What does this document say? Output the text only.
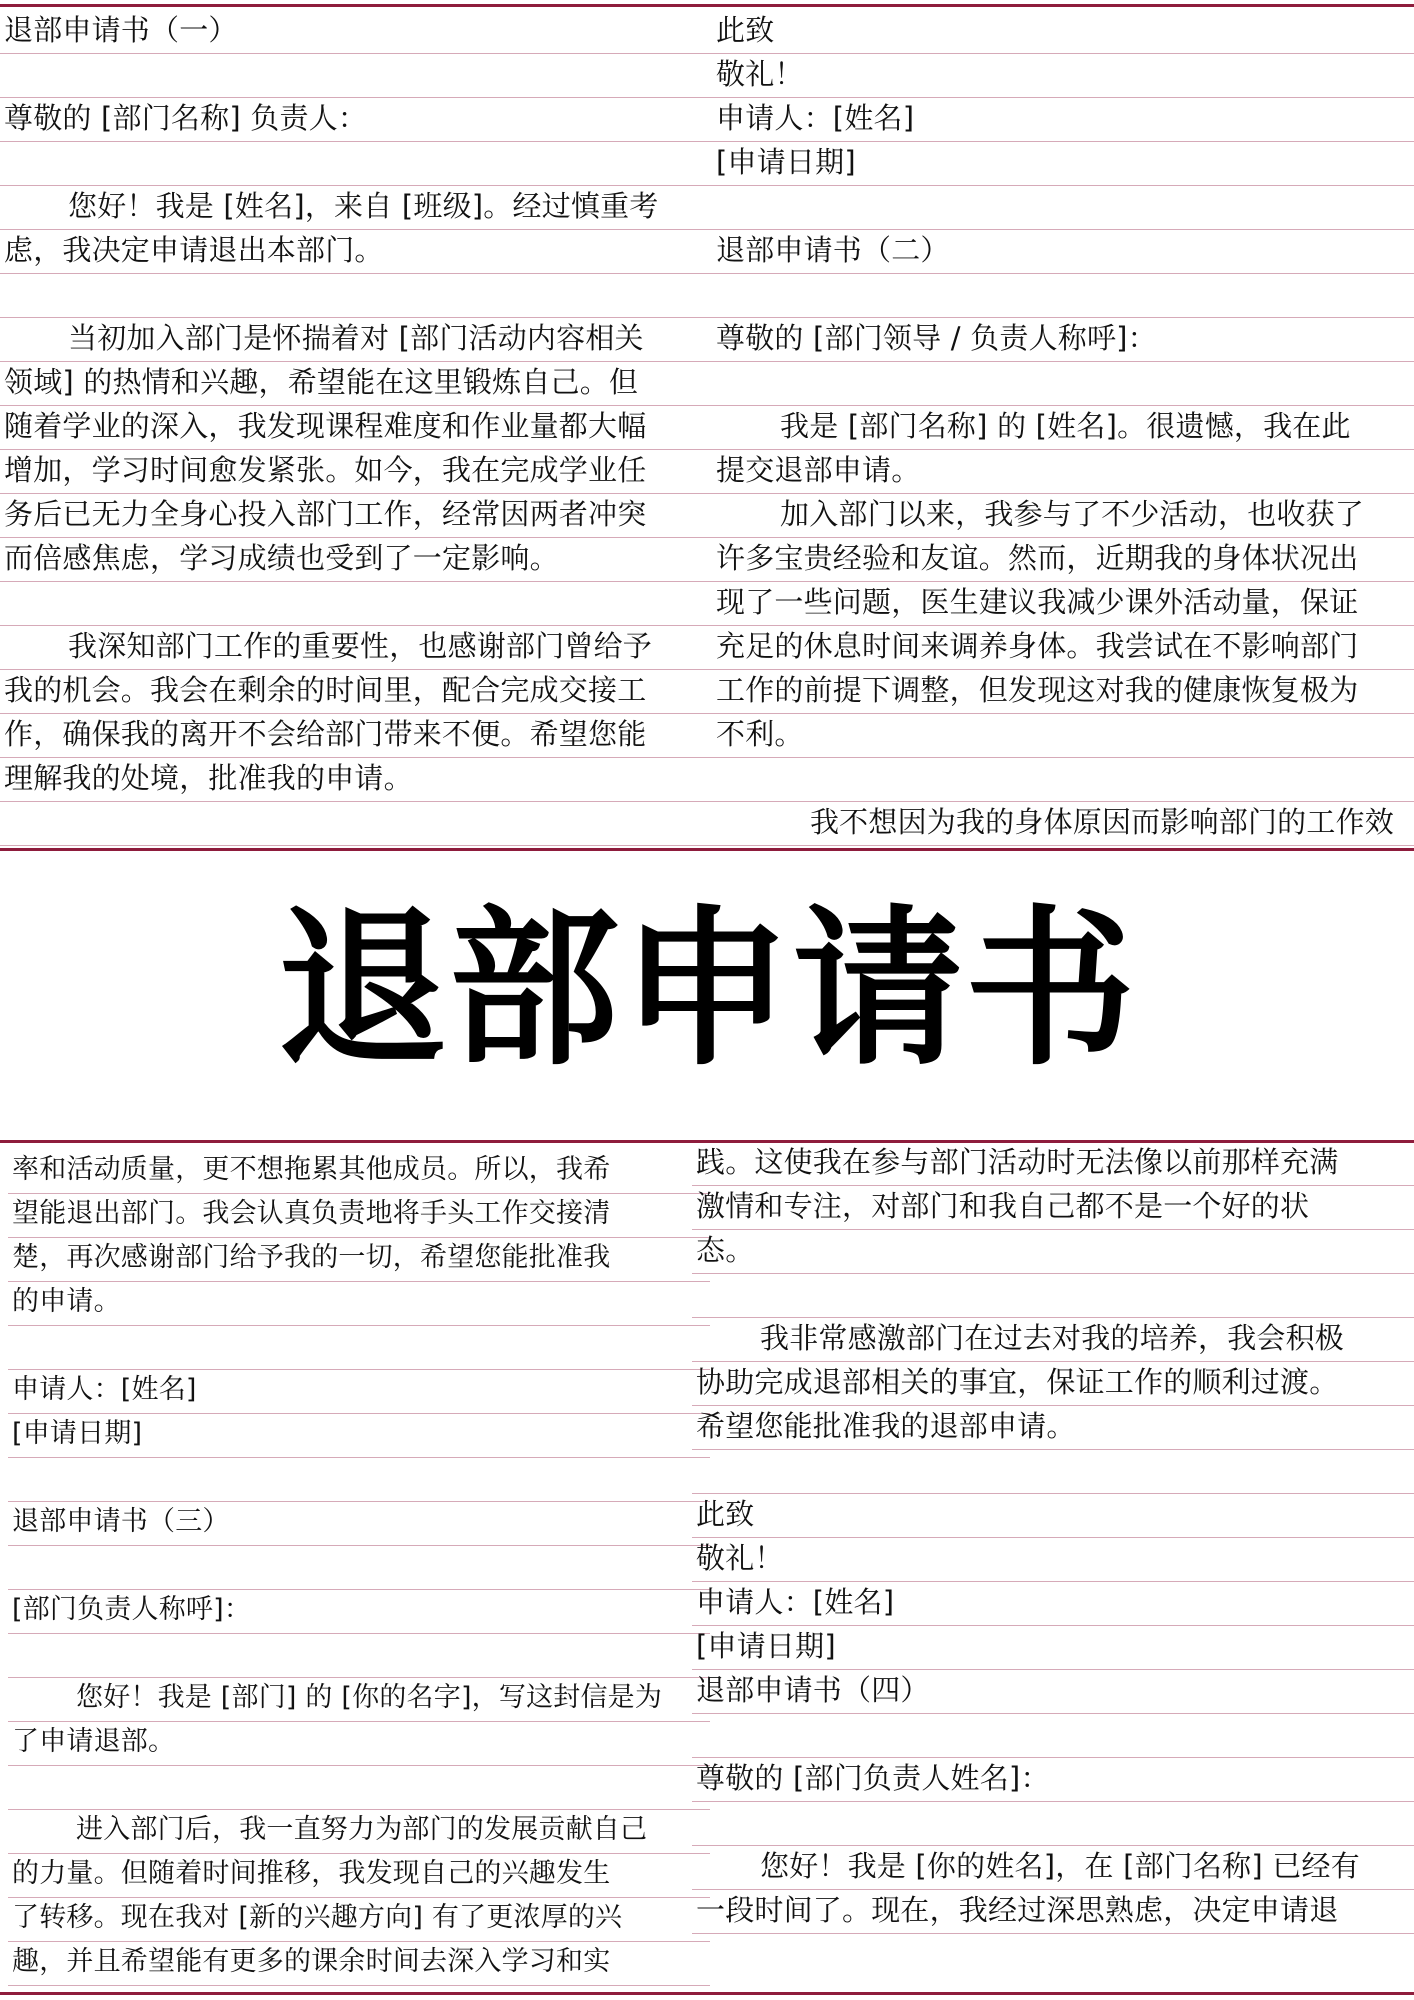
退部申请书（一）
尊敬的 [部门名称] 负责人：
您好！我是 [姓名]，来自 [班级]。经过慎重考
虑，我决定申请退出本部门。
当初加入部门是怀揣着对 [部门活动内容相关
领域] 的热情和兴趣，希望能在这里锻炼自己。但
随着学业的深入，我发现课程难度和作业量都大幅
增加，学习时间愈发紧张。如今，我在完成学业任
务后已无力全身心投入部门工作，经常因两者冲突
而倍感焦虑，学习成绩也受到了一定影响。
我深知部门工作的重要性，也感谢部门曾给予
我的机会。我会在剩余的时间里，配合完成交接工
作，确保我的离开不会给部门带来不便。希望您能
理解我的处境，批准我的申请。
此致
敬礼！
申请人：[姓名]
[申请日期]
退部申请书（二）
尊敬的 [部门领导 / 负责人称呼]：
我是 [部门名称] 的 [姓名]。很遗憾，我在此
提交退部申请。
加入部门以来，我参与了不少活动，也收获了
许多宝贵经验和友谊。然而，近期我的身体状况出
现了一些问题，医生建议我减少课外活动量，保证
充足的休息时间来调养身体。我尝试在不影响部门
工作的前提下调整，但发现这对我的健康恢复极为
不利。
我不想因为我的身体原因而影响部门的工作效
退部申请书
率和活动质量，更不想拖累其他成员。所以，我希
望能退出部门。我会认真负责地将手头工作交接清
楚，再次感谢部门给予我的一切，希望您能批准我
的申请。
申请人：[姓名]
[申请日期]
退部申请书（三）
[部门负责人称呼]：
您好！我是 [部门] 的 [你的名字]，写这封信是为
了申请退部。
进入部门后，我一直努力为部门的发展贡献自己
的力量。但随着时间推移，我发现自己的兴趣发生
了转移。现在我对 [新的兴趣方向] 有了更浓厚的兴
趣，并且希望能有更多的课余时间去深入学习和实
践。这使我在参与部门活动时无法像以前那样充满
激情和专注，对部门和我自己都不是一个好的状
态。
我非常感激部门在过去对我的培养，我会积极
协助完成退部相关的事宜，保证工作的顺利过渡。
希望您能批准我的退部申请。
此致
敬礼！
申请人：[姓名]
[申请日期]
退部申请书（四）
尊敬的 [部门负责人姓名]：
您好！我是 [你的姓名]，在 [部门名称] 已经有
一段时间了。现在，我经过深思熟虑，决定申请退
